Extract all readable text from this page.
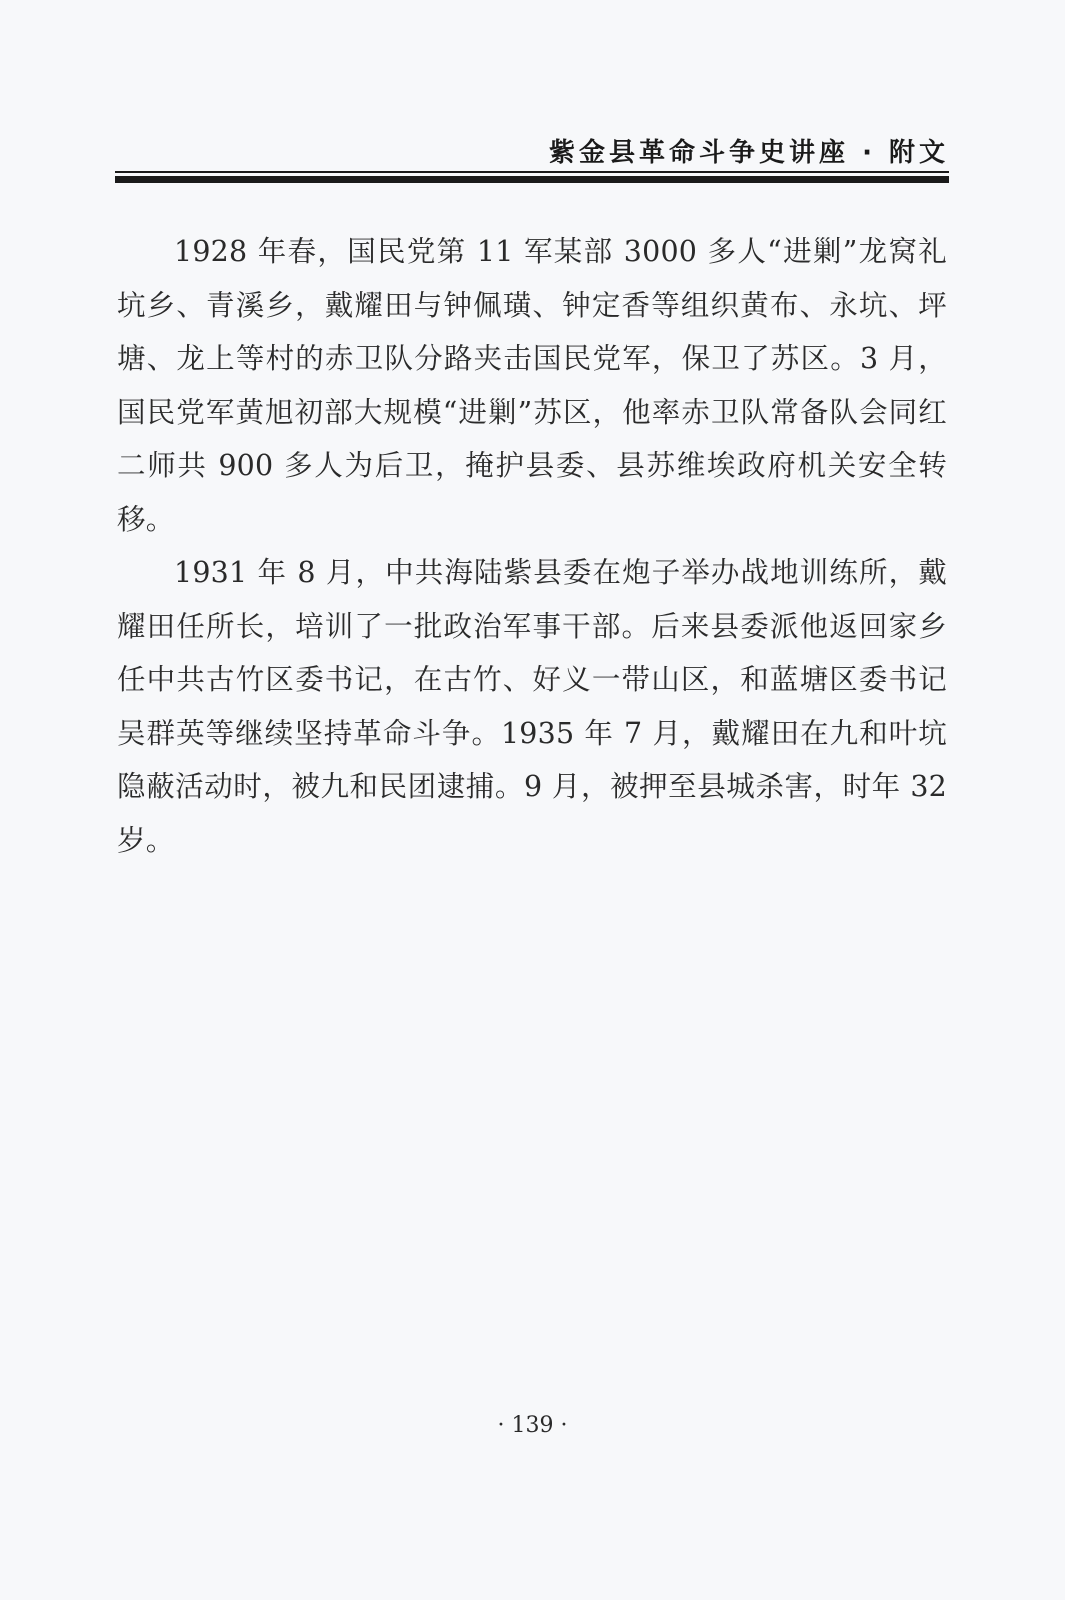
紫金县革命斗争史讲座 · 附文

1928 年春，国民党第 11 军某部 3000 多人“进剿”龙窝礼坑乡、青溪乡，戴耀田与钟佩璜、钟定香等组织黄布、永坑、坪塘、龙上等村的赤卫队分路夹击国民党军，保卫了苏区。3 月，国民党军黄旭初部大规模“进剿”苏区，他率赤卫队常备队会同红二师共 900 多人为后卫，掩护县委、县苏维埃政府机关安全转移。

1931 年 8 月，中共海陆紫县委在炮子举办战地训练所，戴耀田任所长，培训了一批政治军事干部。后来县委派他返回家乡任中共古竹区委书记，在古竹、好义一带山区，和蓝塘区委书记吴群英等继续坚持革命斗争。1935 年 7 月，戴耀田在九和叶坑隐蔽活动时，被九和民团逮捕。9 月，被押至县城杀害，时年 32 岁。

· 139 ·
